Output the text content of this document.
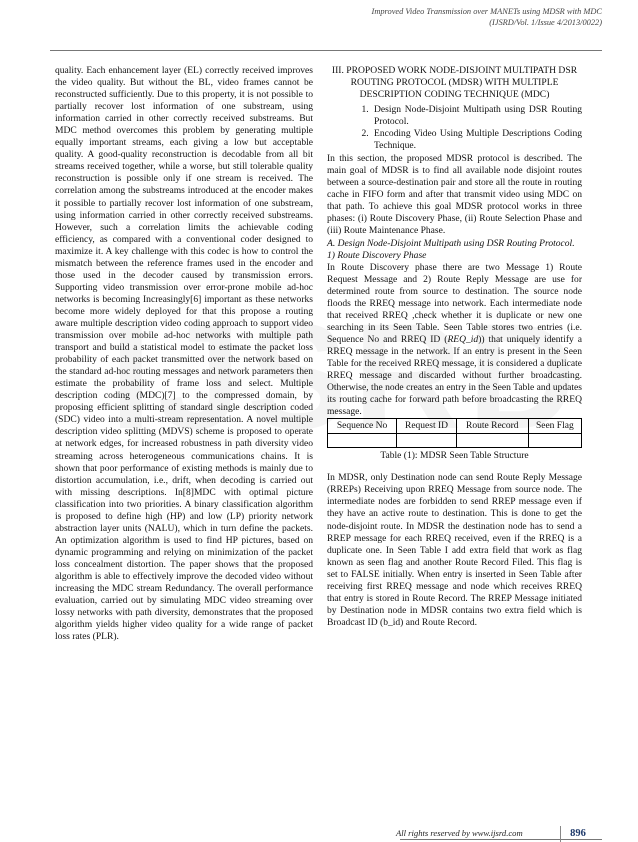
Improved Video Transmission over MANETs using MDSR with MDC
(IJSRD/Vol. 1/Issue 4/2013/0022)

quality. Each enhancement layer (EL) correctly received improves the video quality. But without the BL, video frames cannot be reconstructed sufficiently. Due to this property, it is not possible to partially recover lost information of one substream, using information carried in other correctly received substreams. But MDC method overcomes this problem by generating multiple equally important streams, each giving a low but acceptable quality. A good-quality reconstruction is decodable from all bit streams received together, while a worse, but still tolerable quality reconstruction is possible only if one stream is received. The correlation among the substreams introduced at the encoder makes it possible to partially recover lost information of one substream, using information carried in other correctly received substreams. However, such a correlation limits the achievable coding efficiency, as compared with a conventional coder designed to maximize it. A key challenge with this codec is how to control the mismatch between the reference frames used in the encoder and those used in the decoder caused by transmission errors. Supporting video transmission over error-prone mobile ad-hoc networks is becoming Increasingly[6] important as these networks become more widely deployed for that this propose a routing aware multiple description video coding approach to support video transmission over mobile ad-hoc networks with multiple path transport and build a statistical model to estimate the packet loss probability of each packet transmitted over the network based on the standard ad-hoc routing messages and network parameters then estimate the probability of frame loss and select. Multiple description coding (MDC)[7] to the compressed domain, by proposing efficient splitting of standard single description coded (SDC) video into a multi-stream representation. A novel multiple description video splitting (MDVS) scheme is proposed to operate at network edges, for increased robustness in path diversity video streaming across heterogeneous communications chains. It is shown that poor performance of existing methods is mainly due to distortion accumulation, i.e., drift, when decoding is carried out with missing descriptions. In[8]MDC with optimal picture classification into two priorities. A binary classification algorithm is proposed to define high (HP) and low (LP) priority network abstraction layer units (NALU), which in turn define the packets. An optimization algorithm is used to find HP pictures, based on dynamic programming and relying on minimization of the packet loss concealment distortion. The paper shows that the proposed algorithm is able to effectively improve the decoded video without increasing the MDC stream Redundancy. The overall performance evaluation, carried out by simulating MDC video streaming over lossy networks with path diversity, demonstrates that the proposed algorithm yields higher video quality for a wide range of packet loss rates (PLR).

III. PROPOSED WORK NODE-DISJOINT MULTIPATH DSR ROUTING PROTOCOL (MDSR) WITH MULTIPLE DESCRIPTION CODING TECHNIQUE (MDC)
1. Design Node-Disjoint Multipath using DSR Routing Protocol.
2. Encoding Video Using Multiple Descriptions Coding Technique.

In this section, the proposed MDSR protocol is described. The main goal of MDSR is to find all available node disjoint routes between a source-destination pair and store all the route in routing cache in FIFO form and after that transmit video using MDC on that path. To achieve this goal MDSR protocol works in three phases: (i) Route Discovery Phase, (ii) Route Selection Phase and (iii) Route Maintenance Phase.

A. Design Node-Disjoint Multipath using DSR Routing Protocol.

1) Route Discovery Phase

In Route Discovery phase there are two Message 1) Route Request Message and 2) Route Reply Message are use for determined route from source to destination. The source node floods the RREQ message into network. Each intermediate node that received RREQ ,check whether it is duplicate or new one searching in its Seen Table. Seen Table stores two entries (i.e. Sequence No and RREQ ID (REQ_id)) that uniquely identify a RREQ message in the network. If an entry is present in the Seen Table for the received RREQ message, it is considered a duplicate RREQ message and discarded without further broadcasting. Otherwise, the node creates an entry in the Seen Table and updates its routing cache for forward path before broadcasting the RREQ message.

Sequence No	Request ID	Route Record	Seen Flag

Table (1): MDSR Seen Table Structure

In MDSR, only Destination node can send Route Reply Message (RREPs) Receiving upon RREQ Message from source node. The intermediate nodes are forbidden to send RREP message even if they have an active route to destination. This is done to get the node-disjoint route. In MDSR the destination node has to send a RREP message for each RREQ received, even if the RREQ is a duplicate one. In Seen Table I add extra field that work as flag known as seen flag and another Route Record Filed. This flag is set to FALSE initially. When entry is inserted in Seen Table after receiving first RREQ message and node which receives RREQ that entry is stored in Route Record. The RREP Message initiated by Destination node in MDSR contains two extra field which is Broadcast ID (b_id) and Route Record.

All rights reserved by www.ijsrd.com	896
